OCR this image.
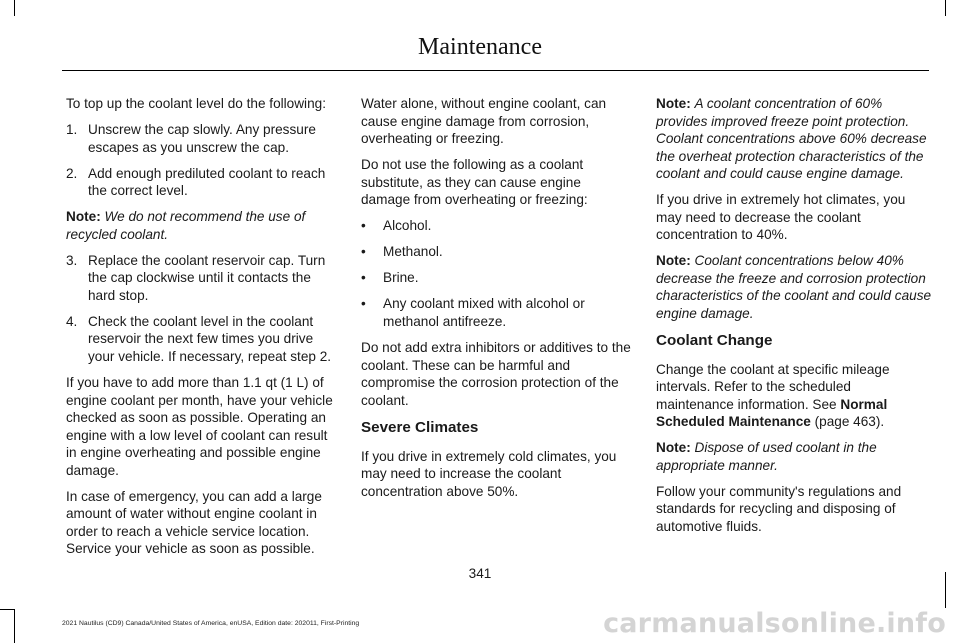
Maintenance

To top up the coolant level do the following:

1. Unscrew the cap slowly. Any pressure escapes as you unscrew the cap.
2. Add enough prediluted coolant to reach the correct level.

Note: We do not recommend the use of recycled coolant.

3. Replace the coolant reservoir cap. Turn the cap clockwise until it contacts the hard stop.
4. Check the coolant level in the coolant reservoir the next few times you drive your vehicle. If necessary, repeat step 2.

If you have to add more than 1.1 qt (1 L) of engine coolant per month, have your vehicle checked as soon as possible. Operating an engine with a low level of coolant can result in engine overheating and possible engine damage.

In case of emergency, you can add a large amount of water without engine coolant in order to reach a vehicle service location. Service your vehicle as soon as possible.

Water alone, without engine coolant, can cause engine damage from corrosion, overheating or freezing.

Do not use the following as a coolant substitute, as they can cause engine damage from overheating or freezing:

•	Alcohol.
•	Methanol.
•	Brine.
•	Any coolant mixed with alcohol or methanol antifreeze.

Do not add extra inhibitors or additives to the coolant. These can be harmful and compromise the corrosion protection of the coolant.

Severe Climates

If you drive in extremely cold climates, you may need to increase the coolant concentration above 50%.

Note: A coolant concentration of 60% provides improved freeze point protection. Coolant concentrations above 60% decrease the overheat protection characteristics of the coolant and could cause engine damage.

If you drive in extremely hot climates, you may need to decrease the coolant concentration to 40%.

Note: Coolant concentrations below 40% decrease the freeze and corrosion protection characteristics of the coolant and could cause engine damage.

Coolant Change

Change the coolant at specific mileage intervals. Refer to the scheduled maintenance information. See Normal Scheduled Maintenance (page 463).

Note: Dispose of used coolant in the appropriate manner.

Follow your community's regulations and standards for recycling and disposing of automotive fluids.

341
2021 Nautilus (CD9) Canada/United States of America, enUSA, Edition date: 202011, First-Printing	carmanualsonline.info
